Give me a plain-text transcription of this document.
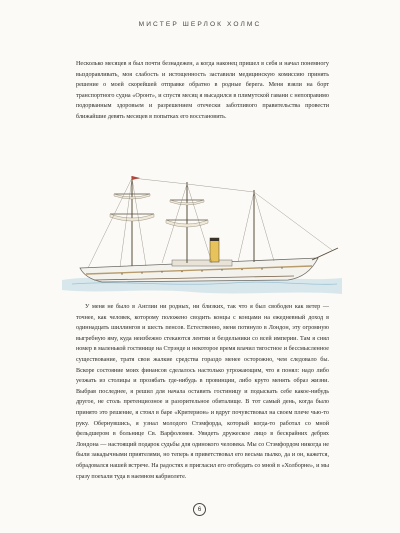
МИСТЕР ШЕРЛОК ХОЛМС

Несколько месяцев я был почти безнадежен, а когда наконец пришел в себя и начал понемногу выздоравливать, моя слабость и истощенность заставили медицинскую комиссию принять решение о моей скорейшей отправке обратно в родные берега. Меня взяли на борт транспортного судна «Оронт», и спустя месяц я высадился в плимутской гавани с непоправимо подорванным здоровьем и разрешением отечески заботливого правительства провести ближайшие девять месяцев в попытках его восстановить.

У меня не было в Англии ни родных, ни близких, так что я был свободен как ветер — точнее, как человек, которому положено сводить концы с концами на ежедневный доход в одиннадцать шиллингов и шесть пенсов. Естественно, меня потянуло в Лондон, эту огромную выгребную яму, куда неизбежно стекаются лентяи и бездельники со всей империи. Там я снял номер в маленькой гостинице на Стрэнде и некоторое время влачил тягостное и бессмысленное существование, тратя свои жалкие средства гораздо менее осторожно, чем следовало бы. Вскоре состояние моих финансов сделалось настолько угрожающим, что я понял: надо либо уезжать из столицы и прозябать где-нибудь в провинции, либо круто менять образ жизни. Выбрав последнее, я решил для начала оставить гостиницу и подыскать себе какое-нибудь другое, не столь претенциозное и разорительное обиталище. В тот самый день, когда было принято это решение, я стоял в баре «Критерион» и вдруг почувствовал на своем плече чью-то руку. Обернувшись, я узнал молодого Стэмфорда, который когда-то работал со мной фельдшером в больнице Св. Варфоломея. Увидеть дружеское лицо в бескрайних дебрях Лондона — настоящий подарок судьбы для одинокого человека. Мы со Стэмфордом никогда не были закадычными приятелями, но теперь я приветствовал его весьма пылко, да и он, кажется, обрадовался нашей встрече. На радостях я пригласил его отобедать со мной в «Холборне», и мы сразу поехали туда в наемном кабриолете.

6
